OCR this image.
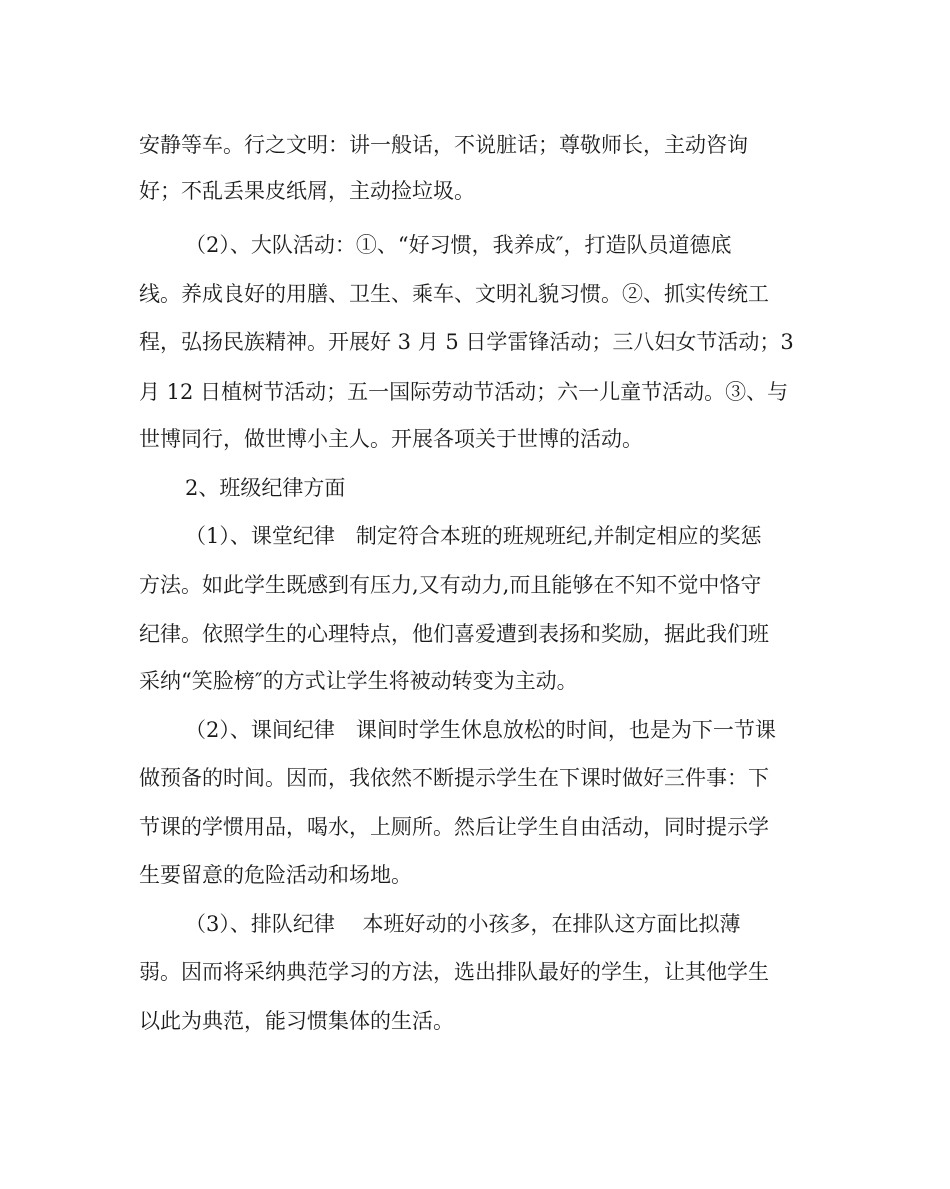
安静等车。行之文明：讲一般话，不说脏话；尊敬师长，主动咨询

好；不乱丢果皮纸屑，主动捡垃圾。

（2）、大队活动：①、“好习惯，我养成″，打造队员道德底

线。养成良好的用膳、卫生、乘车、文明礼貌习惯。②、抓实传统工

程，弘扬民族精神。开展好 3 月 5 日学雷锋活动；三八妇女节活动；3

月 12 日植树节活动；五一国际劳动节活动；六一儿童节活动。③、与

世博同行，做世博小主人。开展各项关于世博的活动。

2、班级纪律方面

（1）、课堂纪律　制定符合本班的班规班纪,并制定相应的奖惩

方法。如此学生既感到有压力,又有动力,而且能够在不知不觉中恪守

纪律。依照学生的心理特点，他们喜爱遭到表扬和奖励，据此我们班

采纳“笑脸榜″的方式让学生将被动转变为主动。

（2）、课间纪律　课间时学生休息放松的时间，也是为下一节课

做预备的时间。因而，我依然不断提示学生在下课时做好三件事：下

节课的学惯用品，喝水，上厕所。然后让学生自由活动，同时提示学

生要留意的危险活动和场地。

（3）、排队纪律　 本班好动的小孩多，在排队这方面比拟薄

弱。因而将采纳典范学习的方法，选出排队最好的学生，让其他学生

以此为典范，能习惯集体的生活。
